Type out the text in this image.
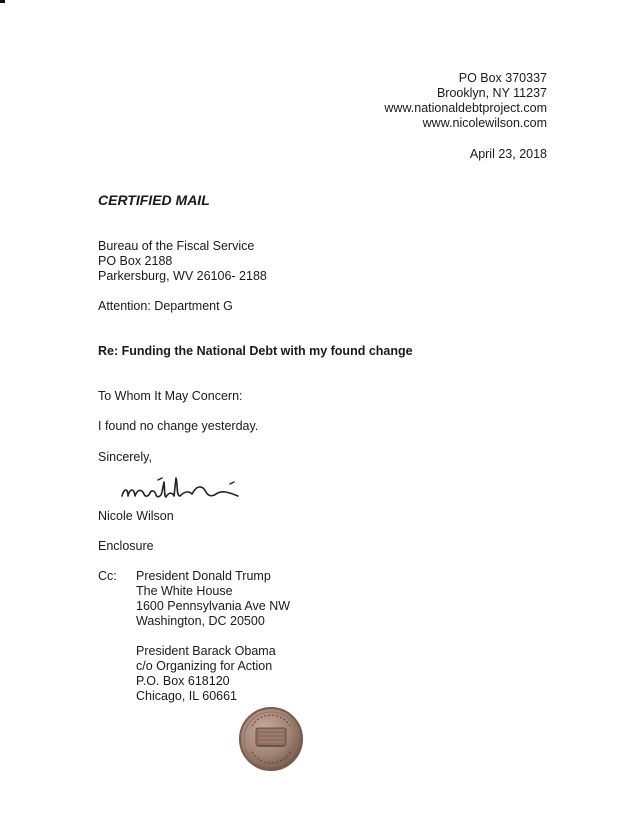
PO Box 370337
Brooklyn, NY 11237
www.nationaldebtproject.com
www.nicolewilson.com
April 23, 2018
CERTIFIED MAIL
Bureau of the Fiscal Service
PO Box 2188
Parkersburg, WV 26106- 2188
Attention: Department G
Re: Funding the National Debt with my found change
To Whom It May Concern:
I found no change yesterday.
Sincerely,
Nicole Wilson
Enclosure
Cc: President Donald Trump
The White House
1600 Pennsylvania Ave NW
Washington, DC 20500
President Barack Obama
c/o Organizing for Action
P.O. Box 618120
Chicago, IL 60661
